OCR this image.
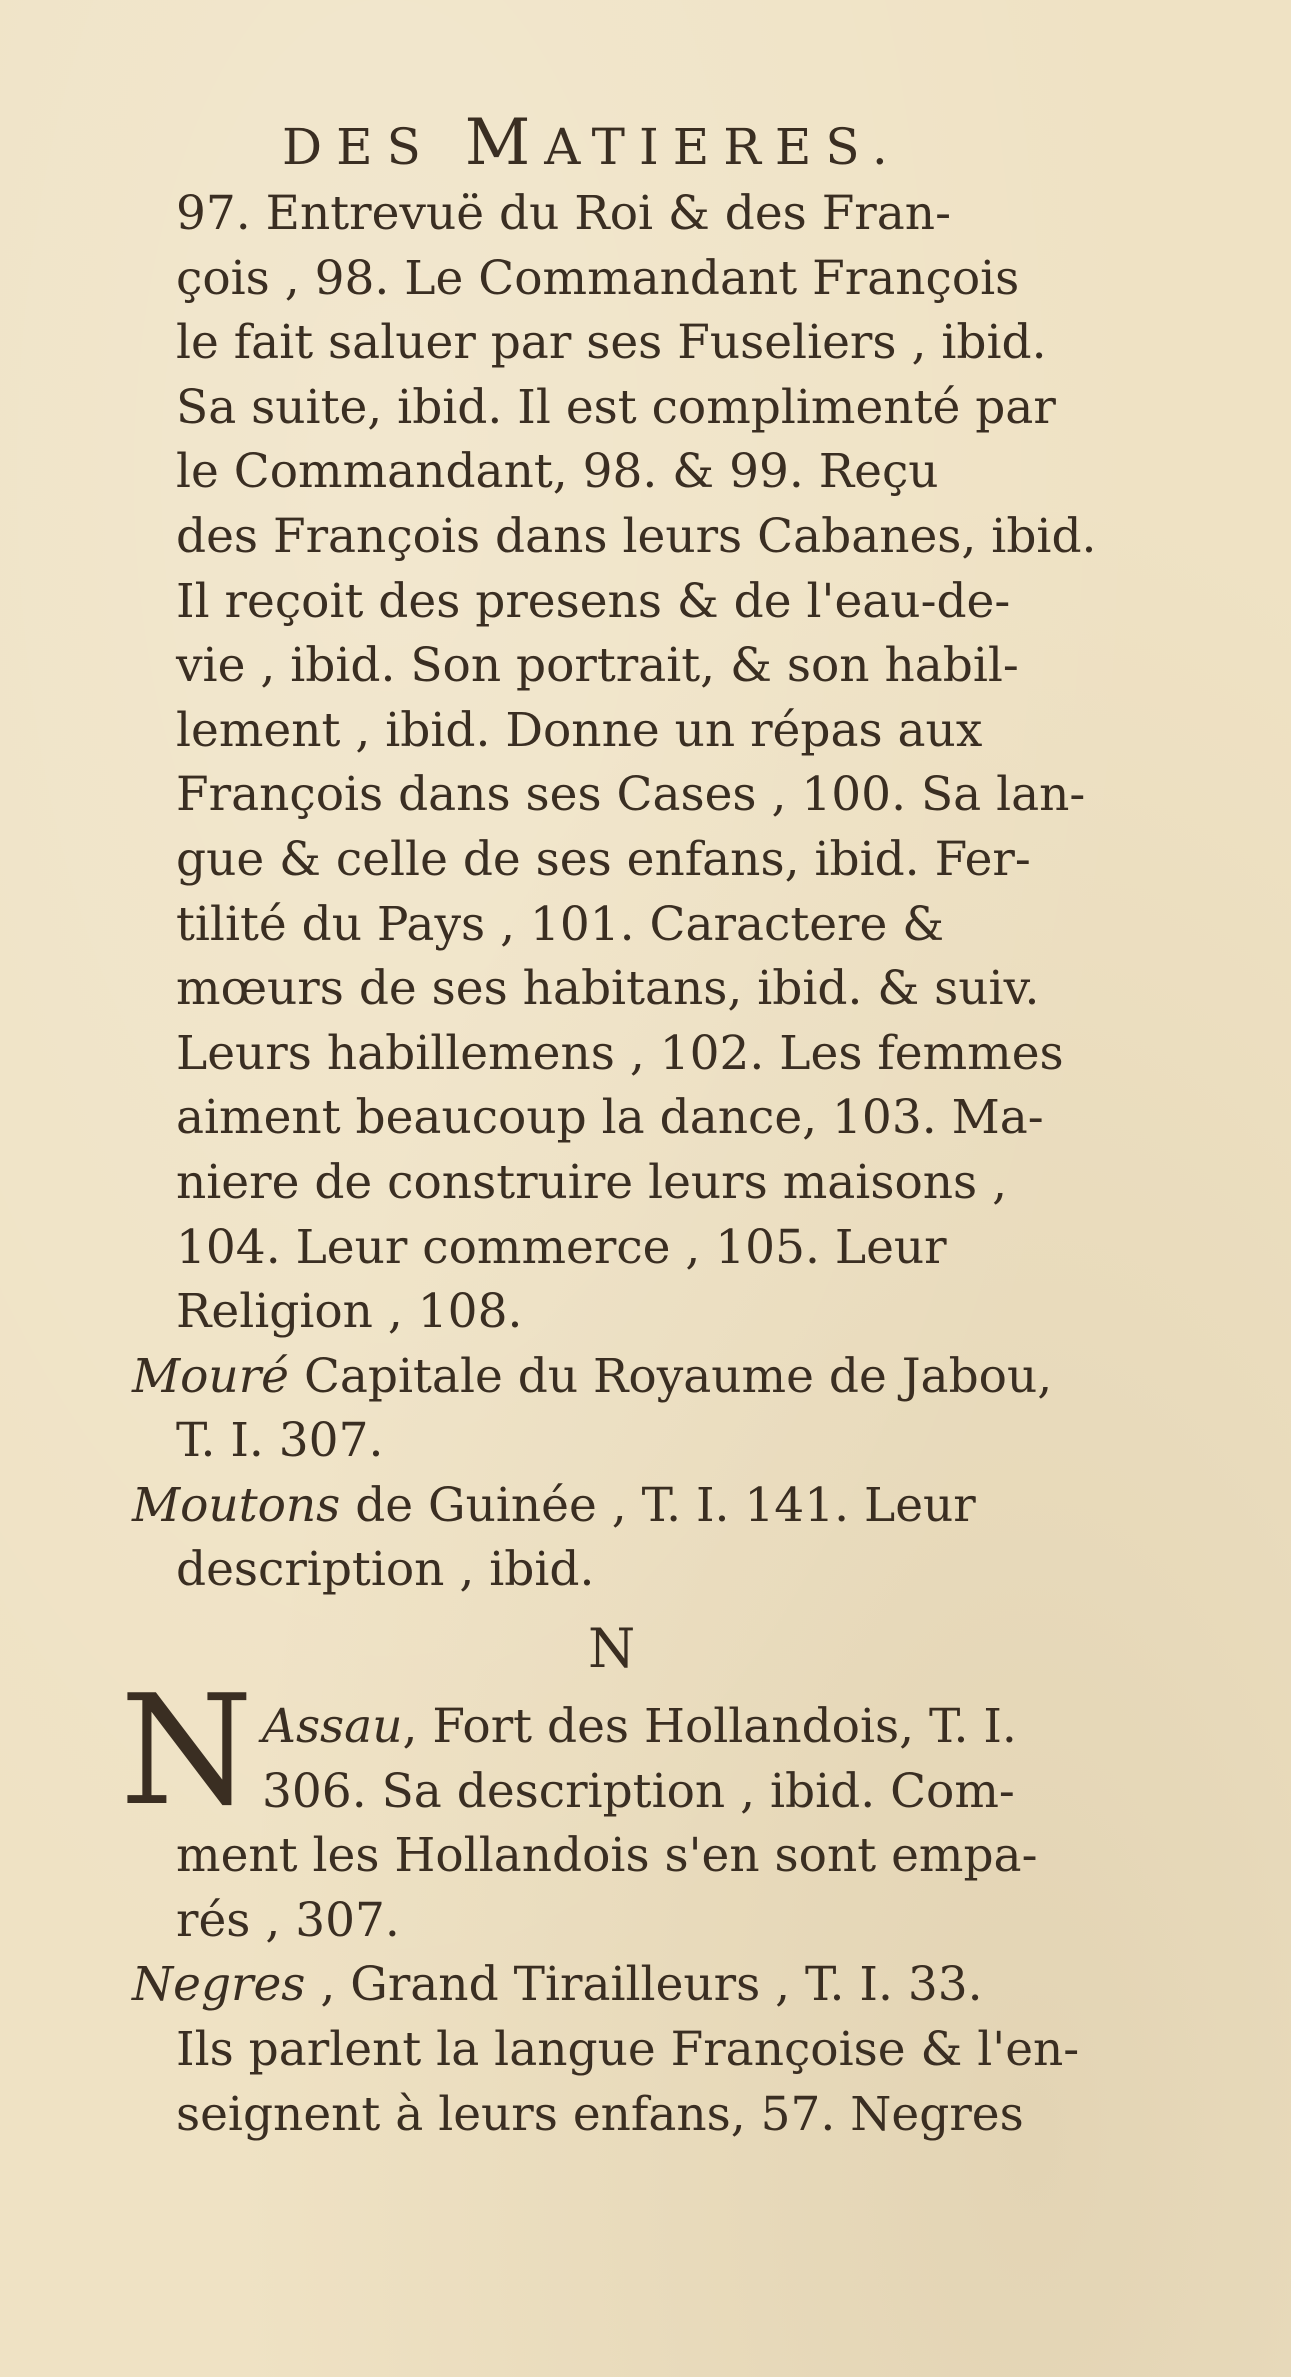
DES MATIERES.
97. Entrevuë du Roi & des Fran-
çois , 98. Le Commandant François
le fait saluer par ses Fuseliers , ibid.
Sa suite, ibid. Il est complimenté par
le Commandant, 98. & 99. Reçu
des François dans leurs Cabanes, ibid.
Il reçoit des presens & de l'eau-de-
vie , ibid. Son portrait, & son habil-
lement , ibid. Donne un répas aux
François dans ses Cases , 100. Sa lan-
gue & celle de ses enfans, ibid. Fer-
tilité du Pays , 101. Caractere &
mœurs de ses habitans, ibid. & suiv.
Leurs habillemens , 102. Les femmes
aiment beaucoup la dance, 103. Ma-
niere de construire leurs maisons ,
104. Leur commerce , 105. Leur
Religion , 108.
Mouré Capitale du Royaume de Jabou,
T. I. 307.
Moutons de Guinée , T. I. 141. Leur
description , ibid.
N
N Assau, Fort des Hollandois, T. I.
306. Sa description , ibid. Com-
ment les Hollandois s'en sont empa-
rés , 307.
Negres , Grand Tirailleurs , T. I. 33.
Ils parlent la langue Françoise & l'en-
seignent à leurs enfans, 57. Negres
